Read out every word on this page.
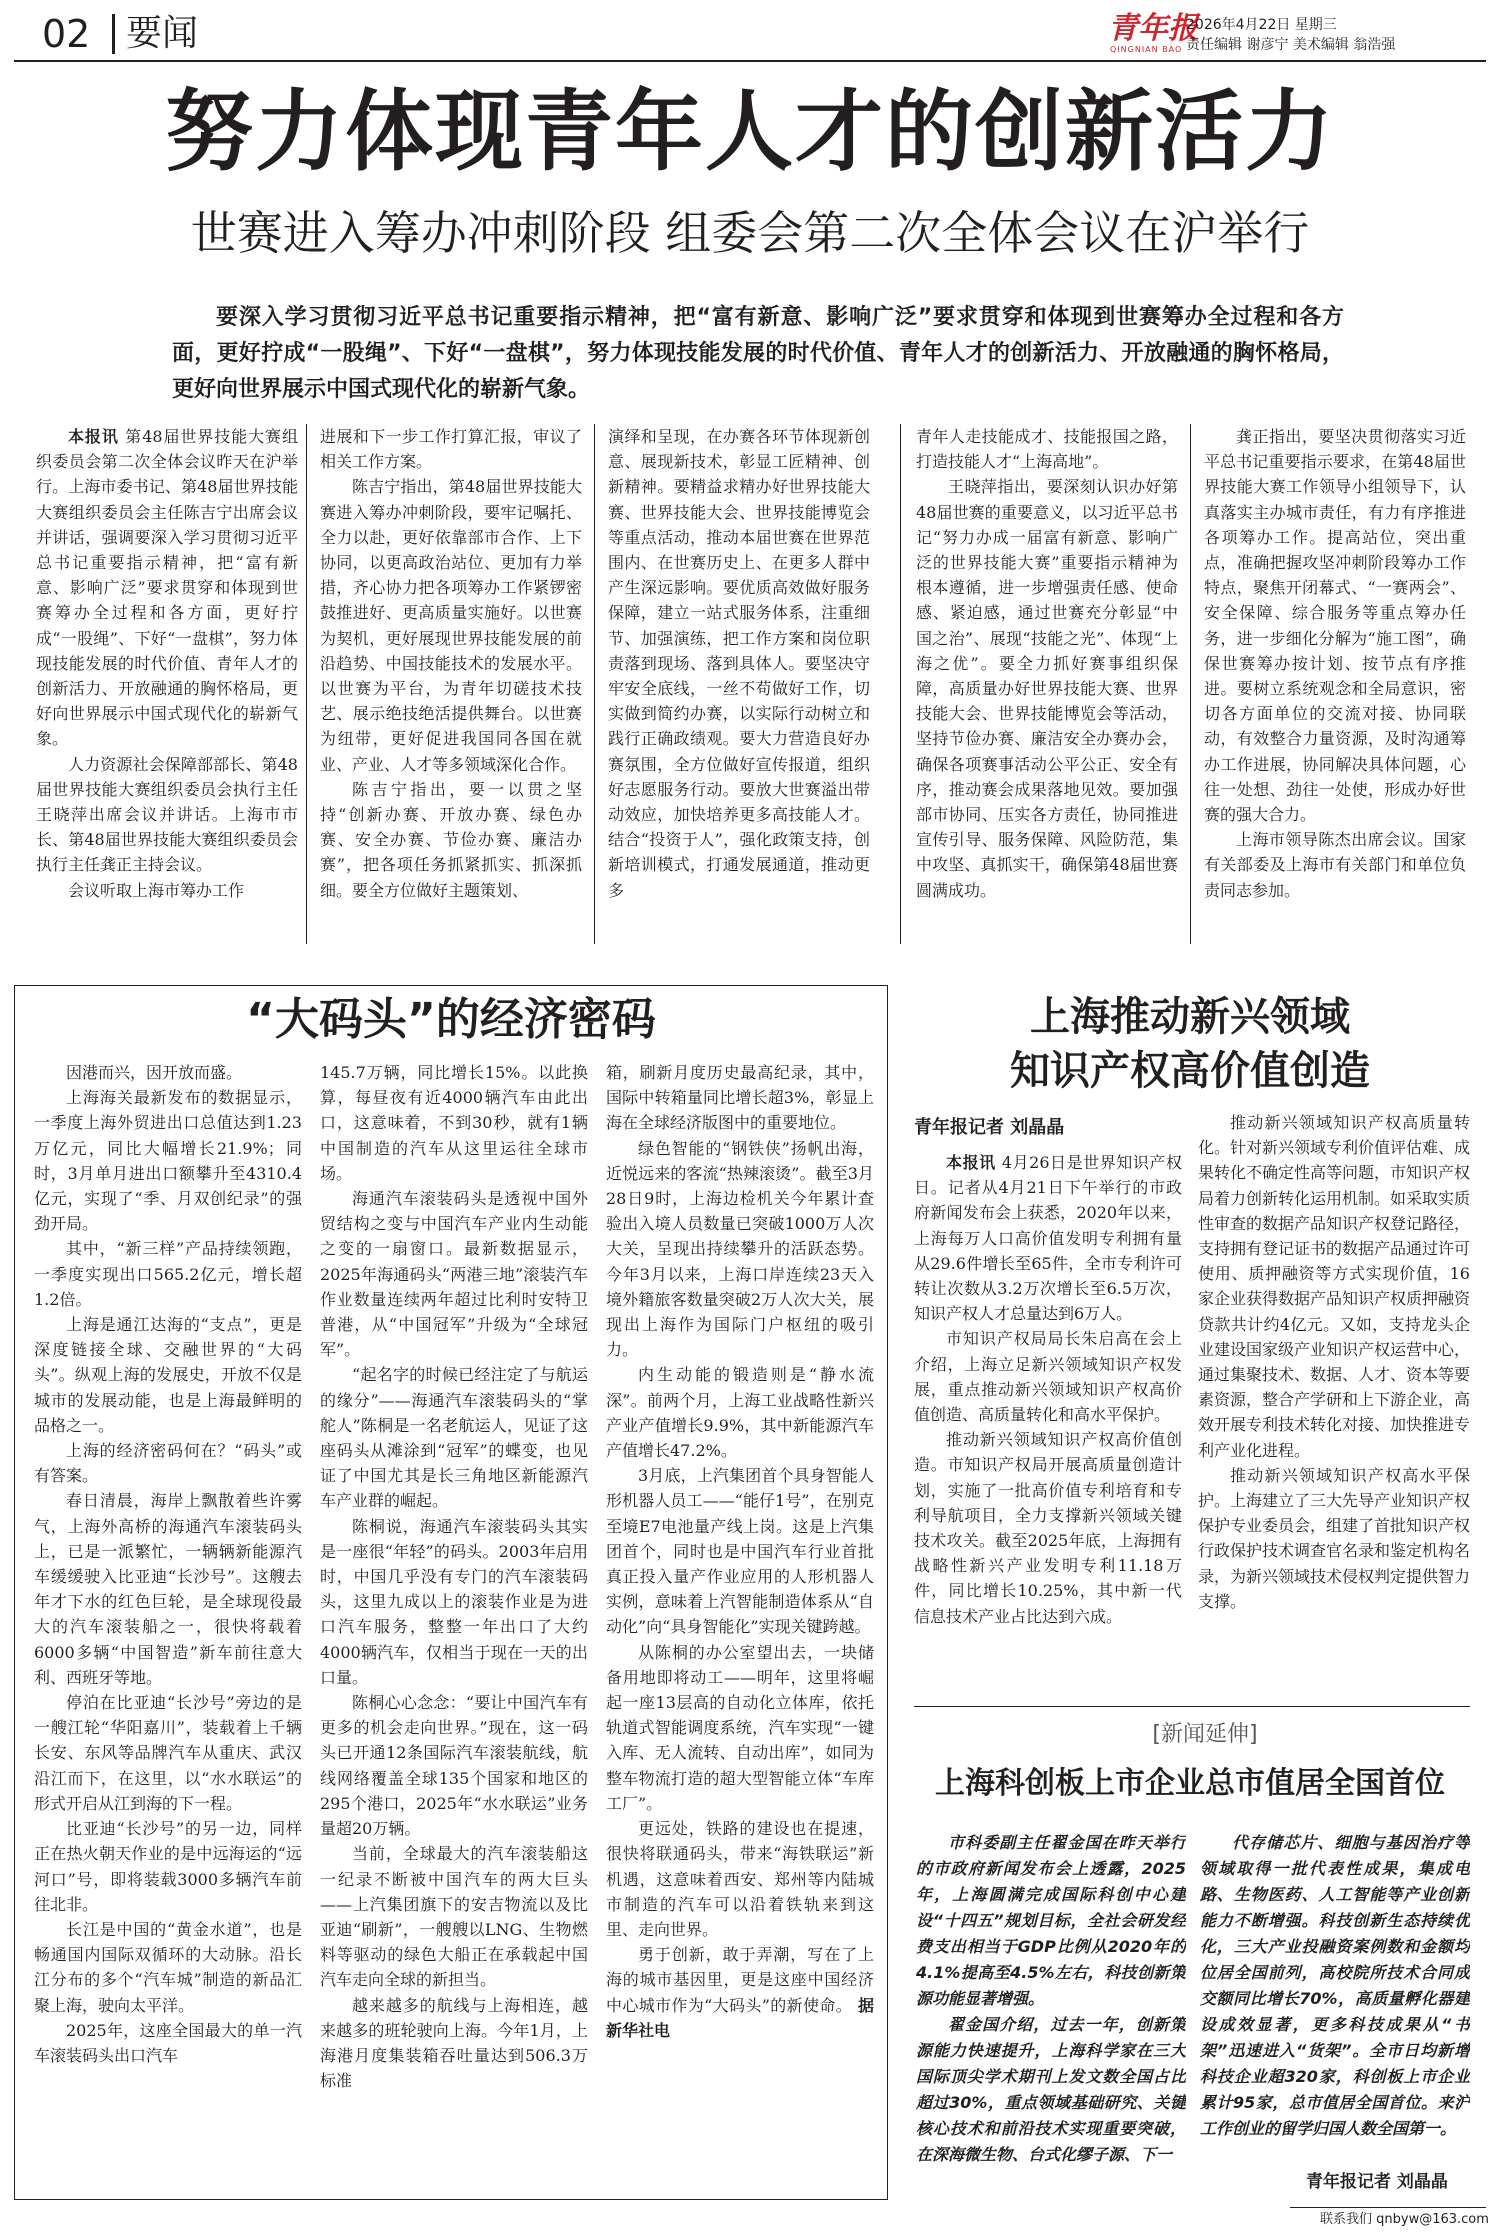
02 要闻	青年报
QINGNIAN BAO
2026年4月22日 星期三
责任编辑 谢彦宁 美术编辑 翁浩强
努力体现青年人才的创新活力
世赛进入筹办冲刺阶段 组委会第二次全体会议在沪举行
要深入学习贯彻习近平总书记重要指示精神，把“富有新意、影响广泛”要求贯穿和体现到世赛筹办全过程和各方面，更好拧成“一股绳”、下好“一盘棋”，努力体现技能发展的时代价值、青年人才的创新活力、开放融通的胸怀格局，更好向世界展示中国式现代化的崭新气象。

本报讯 第48届世界技能大赛组织委员会第二次全体会议昨天在沪举行。上海市委书记、第48届世界技能大赛组织委员会主任陈吉宁出席会议并讲话，强调要深入学习贯彻习近平总书记重要指示精神，把“富有新意、影响广泛”要求贯穿和体现到世赛筹办全过程和各方面，更好拧成“一股绳”、下好“一盘棋”，努力体现技能发展的时代价值、青年人才的创新活力、开放融通的胸怀格局，更好向世界展示中国式现代化的崭新气象。

人力资源社会保障部部长、第48届世界技能大赛组织委员会执行主任王晓萍出席会议并讲话。上海市市长、第48届世界技能大赛组织委员会执行主任龚正主持会议。

会议听取上海市筹办工作

进展和下一步工作打算汇报，审议了相关工作方案。

陈吉宁指出，第48届世界技能大赛进入筹办冲刺阶段，要牢记嘱托、全力以赴，更好依靠部市合作、上下协同，以更高政治站位、更加有力举措，齐心协力把各项筹办工作紧锣密鼓推进好、更高质量实施好。以世赛为契机，更好展现世界技能发展的前沿趋势、中国技能技术的发展水平。以世赛为平台，为青年切磋技术技艺、展示绝技绝活提供舞台。以世赛为纽带，更好促进我国同各国在就业、产业、人才等多领域深化合作。

陈吉宁指出，要一以贯之坚持“创新办赛、开放办赛、绿色办赛、安全办赛、节俭办赛、廉洁办赛”，把各项任务抓紧抓实、抓深抓细。要全方位做好主题策划、

演绎和呈现，在办赛各环节体现新创意、展现新技术，彰显工匠精神、创新精神。要精益求精办好世界技能大赛、世界技能大会、世界技能博览会等重点活动，推动本届世赛在世界范围内、在世赛历史上、在更多人群中产生深远影响。要优质高效做好服务保障，建立一站式服务体系，注重细节、加强演练，把工作方案和岗位职责落到现场、落到具体人。要坚决守牢安全底线，一丝不苟做好工作，切实做到简约办赛，以实际行动树立和践行正确政绩观。要大力营造良好办赛氛围，全方位做好宣传报道，组织好志愿服务行动。要放大世赛溢出带动效应，加快培养更多高技能人才。结合“投资于人”，强化政策支持，创新培训模式，打通发展通道，推动更多

青年人走技能成才、技能报国之路，打造技能人才“上海高地”。

王晓萍指出，要深刻认识办好第48届世赛的重要意义，以习近平总书记“努力办成一届富有新意、影响广泛的世界技能大赛”重要指示精神为根本遵循，进一步增强责任感、使命感、紧迫感，通过世赛充分彰显“中国之治”、展现“技能之光”、体现“上海之优”。要全力抓好赛事组织保障，高质量办好世界技能大赛、世界技能大会、世界技能博览会等活动，坚持节俭办赛、廉洁安全办赛办会，确保各项赛事活动公平公正、安全有序，推动赛会成果落地见效。要加强部市协同、压实各方责任，协同推进宣传引导、服务保障、风险防范，集中攻坚、真抓实干，确保第48届世赛圆满成功。

龚正指出，要坚决贯彻落实习近平总书记重要指示要求，在第48届世界技能大赛工作领导小组领导下，认真落实主办城市责任，有力有序推进各项筹办工作。提高站位，突出重点，准确把握攻坚冲刺阶段筹办工作特点，聚焦开闭幕式、“一赛两会”、安全保障、综合服务等重点筹办任务，进一步细化分解为“施工图”，确保世赛筹办按计划、按节点有序推进。要树立系统观念和全局意识，密切各方面单位的交流对接、协同联动，有效整合力量资源，及时沟通筹办工作进展，协同解决具体问题，心往一处想、劲往一处使，形成办好世赛的强大合力。

上海市领导陈杰出席会议。国家有关部委及上海市有关部门和单位负责同志参加。

“大码头”的经济密码

因港而兴，因开放而盛。

上海海关最新发布的数据显示，一季度上海外贸进出口总值达到1.23万亿元，同比大幅增长21.9%；同时，3月单月进出口额攀升至4310.4亿元，实现了“季、月双创纪录”的强劲开局。

其中，“新三样”产品持续领跑，一季度实现出口565.2亿元，增长超1.2倍。

上海是通江达海的“支点”，更是深度链接全球、交融世界的“大码头”。纵观上海的发展史，开放不仅是城市的发展动能，也是上海最鲜明的品格之一。

上海的经济密码何在？“码头”或有答案。

春日清晨，海岸上飘散着些许雾气，上海外高桥的海通汽车滚装码头上，已是一派繁忙，一辆辆新能源汽车缓缓驶入比亚迪“长沙号”。这艘去年才下水的红色巨轮，是全球现役最大的汽车滚装船之一，很快将载着6000多辆“中国智造”新车前往意大利、西班牙等地。

停泊在比亚迪“长沙号”旁边的是一艘江轮“华阳嘉川”，装载着上千辆长安、东风等品牌汽车从重庆、武汉沿江而下，在这里，以“水水联运”的形式开启从江到海的下一程。

比亚迪“长沙号”的另一边，同样正在热火朝天作业的是中远海运的“远河口”号，即将装载3000多辆汽车前往北非。

长江是中国的“黄金水道”，也是畅通国内国际双循环的大动脉。沿长江分布的多个“汽车城”制造的新品汇聚上海，驶向太平洋。

2025年，这座全国最大的单一汽车滚装码头出口汽车

145.7万辆，同比增长15%。以此换算，每昼夜有近4000辆汽车由此出口，这意味着，不到30秒，就有1辆中国制造的汽车从这里运往全球市场。

海通汽车滚装码头是透视中国外贸结构之变与中国汽车产业内生动能之变的一扇窗口。最新数据显示，2025年海通码头“两港三地”滚装汽车作业数量连续两年超过比利时安特卫普港，从“中国冠军”升级为“全球冠军”。

“起名字的时候已经注定了与航运的缘分”——海通汽车滚装码头的“掌舵人”陈桐是一名老航运人，见证了这座码头从滩涂到“冠军”的蝶变，也见证了中国尤其是长三角地区新能源汽车产业群的崛起。

陈桐说，海通汽车滚装码头其实是一座很“年轻”的码头。2003年启用时，中国几乎没有专门的汽车滚装码头，这里九成以上的滚装作业是为进口汽车服务，整整一年出口了大约4000辆汽车，仅相当于现在一天的出口量。

陈桐心心念念：“要让中国汽车有更多的机会走向世界。”现在，这一码头已开通12条国际汽车滚装航线，航线网络覆盖全球135个国家和地区的295个港口，2025年“水水联运”业务量超20万辆。

当前，全球最大的汽车滚装船这一纪录不断被中国汽车的两大巨头——上汽集团旗下的安吉物流以及比亚迪“刷新”，一艘艘以LNG、生物燃料等驱动的绿色大船正在承载起中国汽车走向全球的新担当。

越来越多的航线与上海相连，越来越多的班轮驶向上海。今年1月，上海港月度集装箱吞吐量达到506.3万标准

箱，刷新月度历史最高纪录，其中，国际中转箱量同比增长超3%，彰显上海在全球经济版图中的重要地位。

绿色智能的“钢铁侠”扬帆出海，近悦远来的客流“热辣滚烫”。截至3月28日9时，上海边检机关今年累计查验出入境人员数量已突破1000万人次大关，呈现出持续攀升的活跃态势。今年3月以来，上海口岸连续23天入境外籍旅客数量突破2万人次大关，展现出上海作为国际门户枢纽的吸引力。

内生动能的锻造则是“静水流深”。前两个月，上海工业战略性新兴产业产值增长9.9%，其中新能源汽车产值增长47.2%。

3月底，上汽集团首个具身智能人形机器人员工——“能仔1号”，在别克至境E7电池量产线上岗。这是上汽集团首个，同时也是中国汽车行业首批真正投入量产作业应用的人形机器人实例，意味着上汽智能制造体系从“自动化”向“具身智能化”实现关键跨越。

从陈桐的办公室望出去，一块储备用地即将动工——明年，这里将崛起一座13层高的自动化立体库，依托轨道式智能调度系统，汽车实现“一键入库、无人流转、自动出库”，如同为整车物流打造的超大型智能立体“车库工厂”。

更远处，铁路的建设也在提速，很快将联通码头，带来“海铁联运”新机遇，这意味着西安、郑州等内陆城市制造的汽车可以沿着铁轨来到这里、走向世界。

勇于创新，敢于弄潮，写在了上海的城市基因里，更是这座中国经济中心城市作为“大码头”的新使命。 据新华社电

上海推动新兴领域
知识产权高价值创造
青年报记者 刘晶晶

本报讯 4月26日是世界知识产权日。记者从4月21日下午举行的市政府新闻发布会上获悉，2020年以来，上海每万人口高价值发明专利拥有量从29.6件增长至65件，全市专利许可转让次数从3.2万次增长至6.5万次，知识产权人才总量达到6万人。

市知识产权局局长朱启高在会上介绍，上海立足新兴领域知识产权发展，重点推动新兴领域知识产权高价值创造、高质量转化和高水平保护。

推动新兴领域知识产权高价值创造。市知识产权局开展高质量创造计划，实施了一批高价值专利培育和专利导航项目，全力支撑新兴领域关键技术攻关。截至2025年底，上海拥有战略性新兴产业发明专利11.18万件，同比增长10.25%，其中新一代信息技术产业占比达到六成。

推动新兴领域知识产权高质量转化。针对新兴领域专利价值评估难、成果转化不确定性高等问题，市知识产权局着力创新转化运用机制。如采取实质性审查的数据产品知识产权登记路径，支持拥有登记证书的数据产品通过许可使用、质押融资等方式实现价值，16家企业获得数据产品知识产权质押融资贷款共计约4亿元。又如，支持龙头企业建设国家级产业知识产权运营中心，通过集聚技术、数据、人才、资本等要素资源，整合产学研和上下游企业，高效开展专利技术转化对接、加快推进专利产业化进程。

推动新兴领域知识产权高水平保护。上海建立了三大先导产业知识产权保护专业委员会，组建了首批知识产权行政保护技术调查官名录和鉴定机构名录，为新兴领域技术侵权判定提供智力支撑。

[新闻延伸]
上海科创板上市企业总市值居全国首位

市科委副主任翟金国在昨天举行的市政府新闻发布会上透露，2025年，上海圆满完成国际科创中心建设“十四五”规划目标，全社会研发经费支出相当于GDP比例从2020年的4.1%提高至4.5%左右，科技创新策源功能显著增强。

翟金国介绍，过去一年，创新策源能力快速提升，上海科学家在三大国际顶尖学术期刊上发文数全国占比超过30%，重点领域基础研究、关键核心技术和前沿技术实现重要突破，在深海微生物、台式化缪子源、下一

代存储芯片、细胞与基因治疗等领域取得一批代表性成果，集成电路、生物医药、人工智能等产业创新能力不断增强。科技创新生态持续优化，三大产业投融资案例数和金额均位居全国前列，高校院所技术合同成交额同比增长70%，高质量孵化器建设成效显著，更多科技成果从“书架”迅速进入“货架”。全市日均新增科技企业超320家，科创板上市企业累计95家，总市值居全国首位。来沪工作创业的留学归国人数全国第一。

青年报记者 刘晶晶
联系我们 qnbyw@163.com
